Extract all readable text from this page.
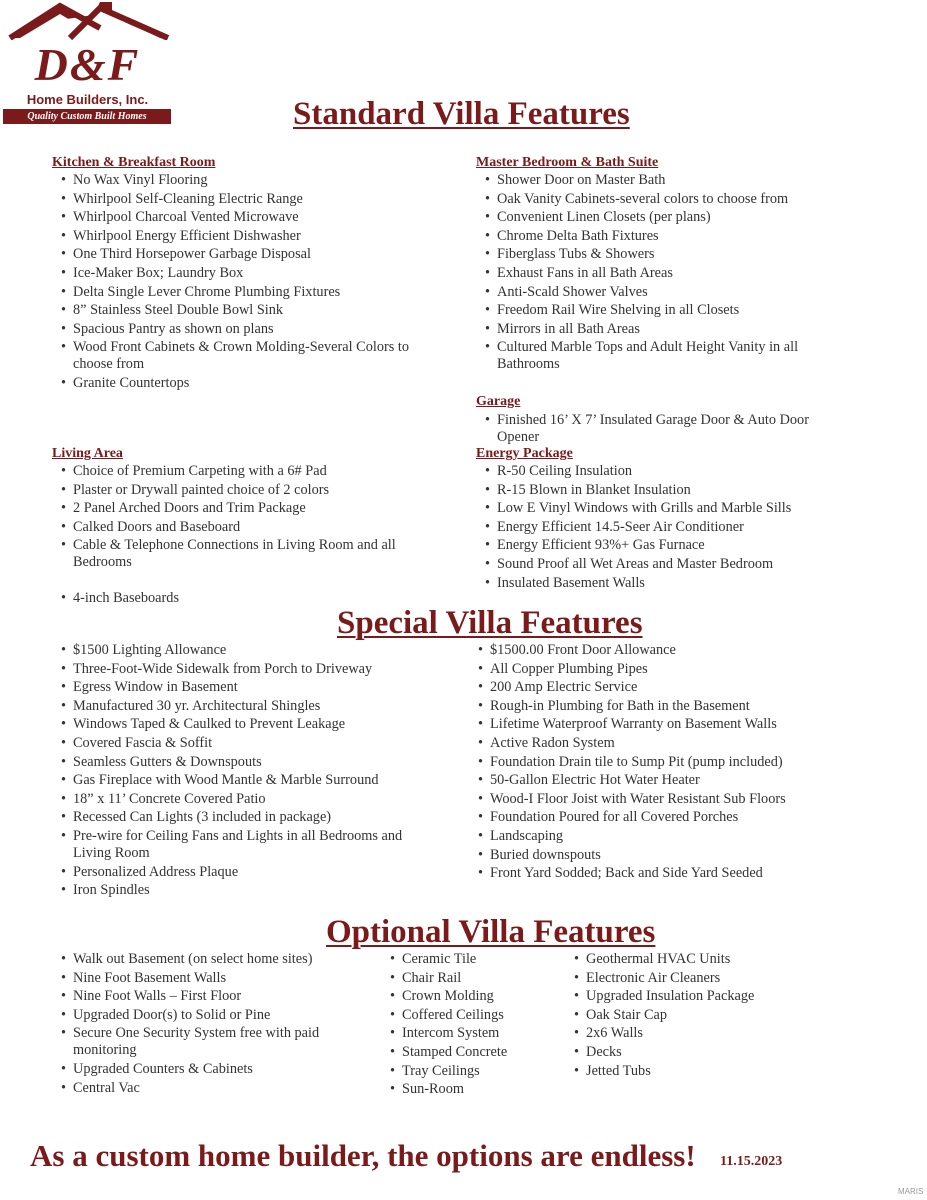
D&F
Home Builders, Inc.
Quality Custom Built Homes	Standard Villa Features
Kitchen & Breakfast Room
• No Wax Vinyl Flooring
• Whirlpool Self-Cleaning Electric Range
• Whirlpool Charcoal Vented Microwave
• Whirlpool Energy Efficient Dishwasher
• One Third Horsepower Garbage Disposal
• Ice-Maker Box; Laundry Box
• Delta Single Lever Chrome Plumbing Fixtures
• 8” Stainless Steel Double Bowl Sink
• Spacious Pantry as shown on plans
• Wood Front Cabinets & Crown Molding-Several Colors to choose from
• Granite Countertops
Master Bedroom & Bath Suite
• Shower Door on Master Bath
• Oak Vanity Cabinets-several colors to choose from
• Convenient Linen Closets (per plans)
• Chrome Delta Bath Fixtures
• Fiberglass Tubs & Showers
• Exhaust Fans in all Bath Areas
• Anti-Scald Shower Valves
• Freedom Rail Wire Shelving in all Closets
• Mirrors in all Bath Areas
• Cultured Marble Tops and Adult Height Vanity in all Bathrooms
Garage
• Finished 16’ X 7’ Insulated Garage Door & Auto Door Opener
Living Area
• Choice of Premium Carpeting with a 6# Pad
• Plaster or Drywall painted choice of 2 colors
• 2 Panel Arched Doors and Trim Package
• Calked Doors and Baseboard
• Cable & Telephone Connections in Living Room and all Bedrooms
• 4-inch Baseboards
Energy Package
• R-50 Ceiling Insulation
• R-15 Blown in Blanket Insulation
• Low E Vinyl Windows with Grills and Marble Sills
• Energy Efficient 14.5-Seer Air Conditioner
• Energy Efficient 93%+ Gas Furnace
• Sound Proof all Wet Areas and Master Bedroom
• Insulated Basement Walls
Special Villa Features
• $1500 Lighting Allowance
• Three-Foot-Wide Sidewalk from Porch to Driveway
• Egress Window in Basement
• Manufactured 30 yr. Architectural Shingles
• Windows Taped & Caulked to Prevent Leakage
• Covered Fascia & Soffit
• Seamless Gutters & Downspouts
• Gas Fireplace with Wood Mantle & Marble Surround
• 18” x 11’ Concrete Covered Patio
• Recessed Can Lights (3 included in package)
• Pre-wire for Ceiling Fans and Lights in all Bedrooms and Living Room
• Personalized Address Plaque
• Iron Spindles
• $1500.00 Front Door Allowance
• All Copper Plumbing Pipes
• 200 Amp Electric Service
• Rough-in Plumbing for Bath in the Basement
• Lifetime Waterproof Warranty on Basement Walls
• Active Radon System
• Foundation Drain tile to Sump Pit (pump included)
• 50-Gallon Electric Hot Water Heater
• Wood-I Floor Joist with Water Resistant Sub Floors
• Foundation Poured for all Covered Porches
• Landscaping
• Buried downspouts
• Front Yard Sodded; Back and Side Yard Seeded
Optional Villa Features
• Walk out Basement (on select home sites)
• Nine Foot Basement Walls
• Nine Foot Walls – First Floor
• Upgraded Door(s) to Solid or Pine
• Secure One Security System free with paid monitoring
• Upgraded Counters & Cabinets
• Central Vac
• Ceramic Tile
• Chair Rail
• Crown Molding
• Coffered Ceilings
• Intercom System
• Stamped Concrete
• Tray Ceilings
• Sun-Room
• Geothermal HVAC Units
• Electronic Air Cleaners
• Upgraded Insulation Package
• Oak Stair Cap
• 2x6 Walls
• Decks
• Jetted Tubs
As a custom home builder, the options are endless! 11.15.2023
MARIS
